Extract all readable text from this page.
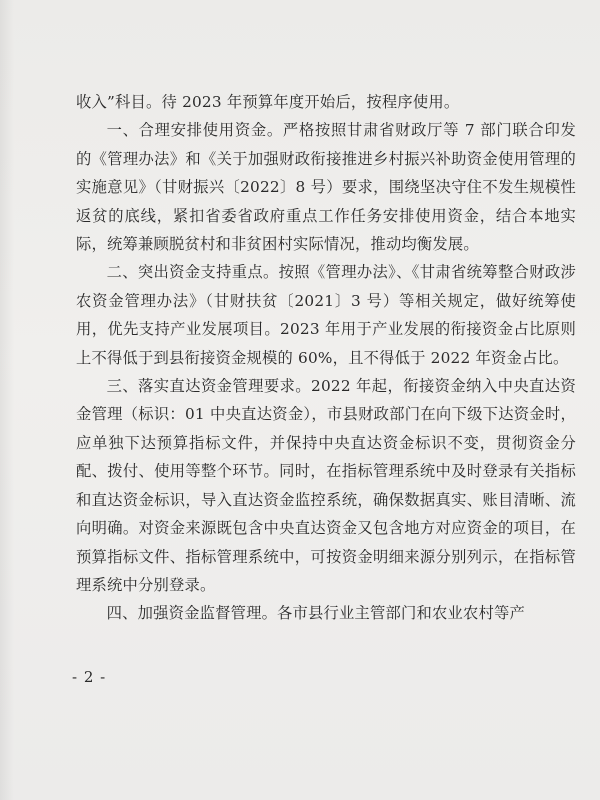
收入”科目。待 2023 年预算年度开始后，按程序使用。

一、合理安排使用资金。严格按照甘肃省财政厅等 7 部门联合印发的《管理办法》和《关于加强财政衔接推进乡村振兴补助资金使用管理的实施意见》（甘财振兴〔2022〕8 号）要求，围绕坚决守住不发生规模性返贫的底线，紧扣省委省政府重点工作任务安排使用资金，结合本地实际，统筹兼顾脱贫村和非贫困村实际情况，推动均衡发展。

二、突出资金支持重点。按照《管理办法》、《甘肃省统筹整合财政涉农资金管理办法》（甘财扶贫〔2021〕3 号）等相关规定，做好统筹使用，优先支持产业发展项目。2023 年用于产业发展的衔接资金占比原则上不得低于到县衔接资金规模的 60%，且不得低于 2022 年资金占比。

三、落实直达资金管理要求。2022 年起，衔接资金纳入中央直达资金管理（标识：01 中央直达资金），市县财政部门在向下级下达资金时，应单独下达预算指标文件，并保持中央直达资金标识不变，贯彻资金分配、拨付、使用等整个环节。同时，在指标管理系统中及时登录有关指标和直达资金标识，导入直达资金监控系统，确保数据真实、账目清晰、流向明确。对资金来源既包含中央直达资金又包含地方对应资金的项目，在预算指标文件、指标管理系统中，可按资金明细来源分别列示，在指标管理系统中分别登录。

四、加强资金监督管理。各市县行业主管部门和农业农村等产

- 2 -
